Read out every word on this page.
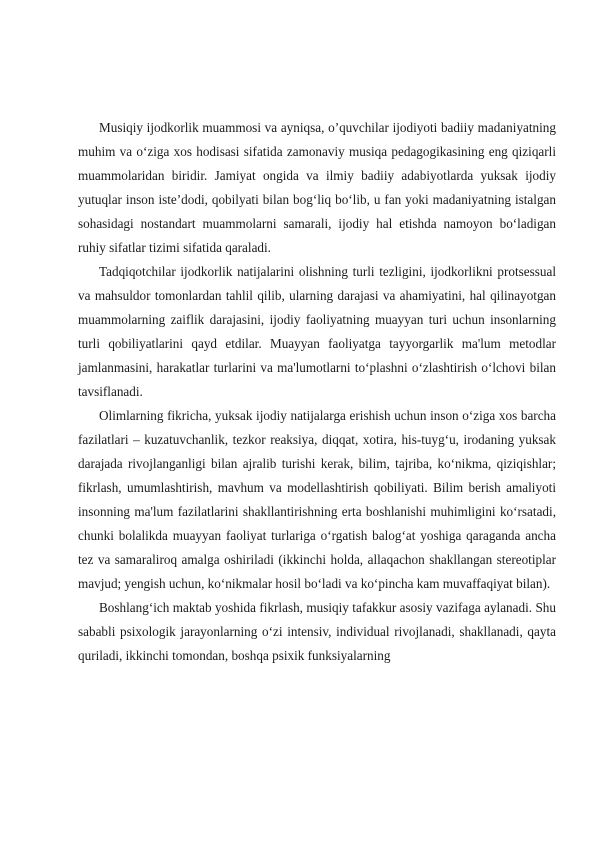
Musiqiy ijodkorlik muammosi va ayniqsa, o’quvchilar ijodiyoti badiiy madaniyatning muhim va o‘ziga xos hodisasi sifatida zamonaviy musiqa pedagogikasining eng qiziqarli muammolaridan biridir. Jamiyat ongida va ilmiy badiiy adabiyotlarda yuksak ijodiy yutuqlar inson iste’dodi, qobilyati bilan bog‘liq bo‘lib, u fan yoki madaniyatning istalgan sohasidagi nostandart muammolarni samarali, ijodiy hal etishda namoyon bo‘ladigan ruhiy sifatlar tizimi sifatida qaraladi.

Tadqiqotchilar ijodkorlik natijalarini olishning turli tezligini, ijodkorlikni protsessual va mahsuldor tomonlardan tahlil qilib, ularning darajasi va ahamiyatini, hal qilinayotgan muammolarning zaiflik darajasini, ijodiy faoliyatning muayyan turi uchun insonlarning turli qobiliyatlarini qayd etdilar. Muayyan faoliyatga tayyorgarlik ma'lum metodlar jamlanmasini, harakatlar turlarini va ma'lumotlarni to‘plashni o‘zlashtirish o‘lchovi bilan tavsiflanadi.

Olimlarning fikricha, yuksak ijodiy natijalarga erishish uchun inson o‘ziga xos barcha fazilatlari – kuzatuvchanlik, tezkor reaksiya, diqqat, xotira, his-tuyg‘u, irodaning yuksak darajada rivojlanganligi bilan ajralib turishi kerak, bilim, tajriba, ko‘nikma, qiziqishlar; fikrlash, umumlashtirish, mavhum va modellashtirish qobiliyati. Bilim berish amaliyoti insonning ma'lum fazilatlarini shakllantirishning erta boshlanishi muhimligini ko‘rsatadi, chunki bolalikda muayyan faoliyat turlariga o‘rgatish balog‘at yoshiga qaraganda ancha tez va samaraliroq amalga oshiriladi (ikkinchi holda, allaqachon shakllangan stereotiplar mavjud; yengish uchun, ko‘nikmalar hosil bo‘ladi va ko‘pincha kam muvaffaqiyat bilan).

Boshlang‘ich maktab yoshida fikrlash, musiqiy tafakkur asosiy vazifaga aylanadi. Shu sababli psixologik jarayonlarning o‘zi intensiv, individual rivojlanadi, shakllanadi, qayta quriladi, ikkinchi tomondan, boshqa psixik funksiyalarning
